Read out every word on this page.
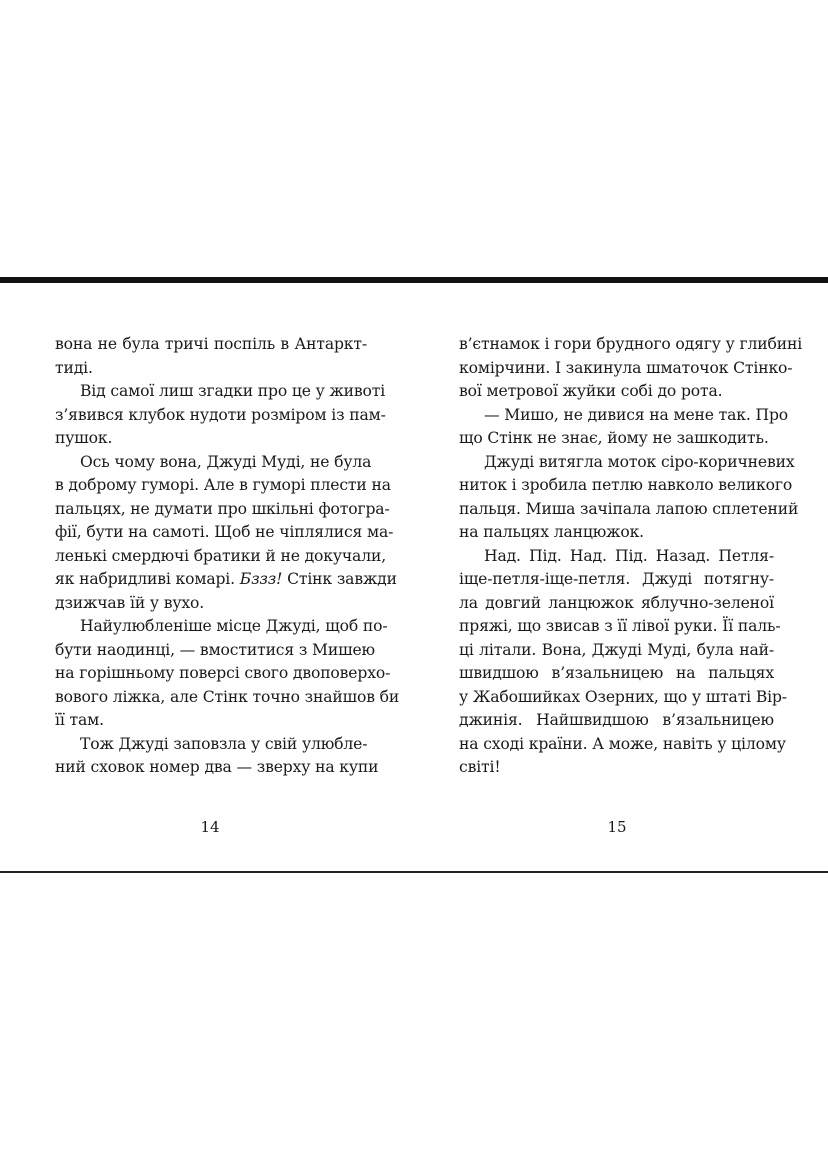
вона не була тричі поспіль в Антаркт-
тиді.
Від самої лиш згадки про це у животі
з’явився клубок нудоти розміром із пам-
пушок.
Ось чому вона, Джуді Муді, не була
в доброму гуморі. Але в гуморі плести на
пальцях, не думати про шкільні фотогра-
фії, бути на самоті. Щоб не чіплялися ма-
ленькі смердючі братики й не докучали,
як набридливі комарі. Бззз! Стінк завжди
дзижчав їй у вухо.
Найулюбленіше місце Джуді, щоб по-
бути наодинці, — вмоститися з Мишею
на горішньому поверсі свого двоповерхо-
вового ліжка, але Стінк точно знайшов би
її там.
Тож Джуді заповзла у свій улюбле-
ний сховок номер два — зверху на купи
в’єтнамок і гори брудного одягу у глибині
комірчини. І закинула шматочок Стінко-
вої метрової жуйки собі до рота.
— Мишо, не дивися на мене так. Про
що Стінк не знає, йому не зашкодить.
Джуді витягла моток сіро-коричневих
ниток і зробила петлю навколо великого
пальця. Миша зачіпала лапою сплетений
на пальцях ланцюжок.
Над. Під. Над. Під. Назад. Петля-
іще-петля-іще-петля. Джуді потягну-
ла довгий ланцюжок яблучно-зеленої
пряжі, що звисав з її лівої руки. Її паль-
ці літали. Вона, Джуді Муді, була най-
швидшою в’язальницею на пальцях
у Жабошийках Озерних, що у штаті Вір-
джинія. Найшвидшою в’язальницею
на сході країни. А може, навіть у цілому
світі!
14	15
